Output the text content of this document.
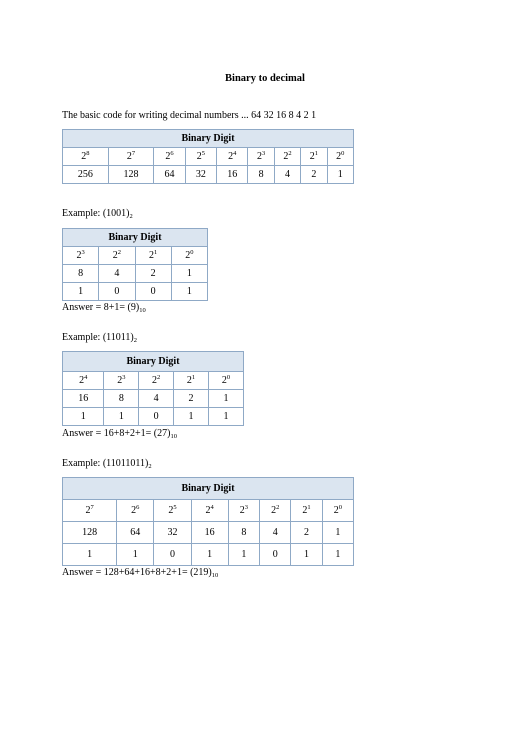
Binary to decimal
The basic code for writing decimal numbers ... 64 32 16 8 4 2 1
Binary Digit								
$2^8$	$2^7$	$2^6$	$2^5$	$2^4$	$2^3$	$2^2$	$2^1$	$2^0$
256	128	64	32	16	8	4	2	1
Example: $(1001)_2$
Binary Digit			
$2^3$	$2^2$	$2^1$	$2^0$
8	4	2	1
1	0	0	1
Answer = $8+1= (9)_{10}$
Example: $(11011)_2$
Binary Digit				
$2^4$	$2^3$	$2^2$	$2^1$	$2^0$
16	8	4	2	1
1	1	0	1	1
Answer = $16+8+2+1= (27)_{10}$
Example: $(11011011)_2$
Binary Digit							
$2^7$	$2^6$	$2^5$	$2^4$	$2^3$	$2^2$	$2^1$	$2^0$
128	64	32	16	8	4	2	1
1	1	0	1	1	0	1	1
Answer = $128+64+16+8+2+1= (219)_{10}$
